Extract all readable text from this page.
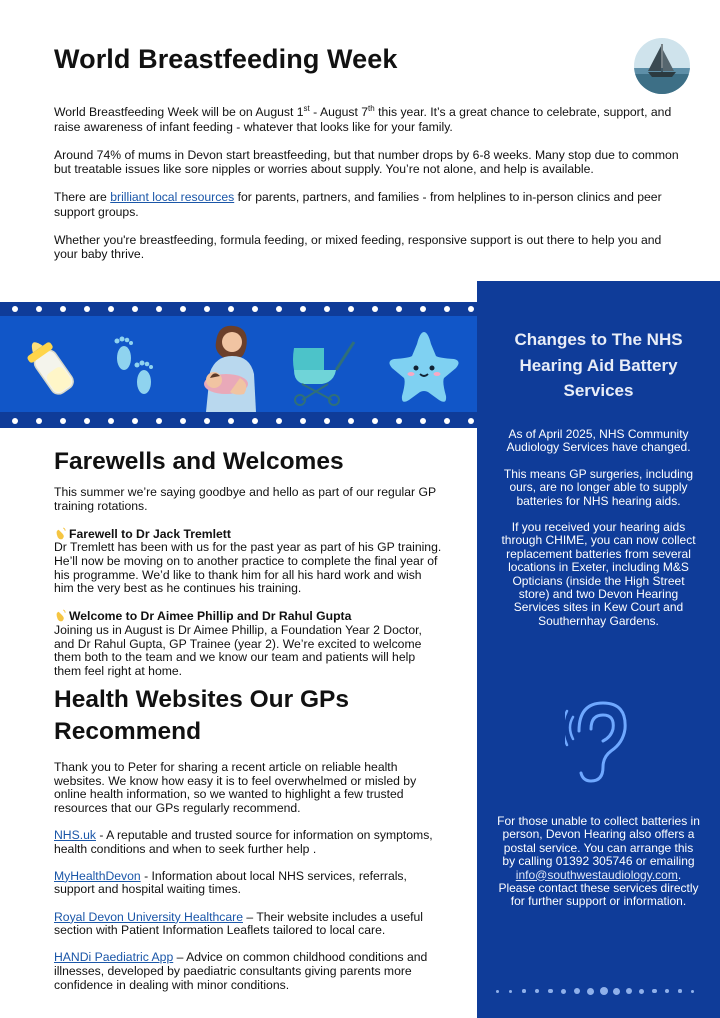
World Breastfeeding Week

World Breastfeeding Week will be on August 1st - August 7th this year. It’s a great chance to celebrate, support, and raise awareness of infant feeding - whatever that looks like for your family.

Around 74% of mums in Devon start breastfeeding, but that number drops by 6-8 weeks. Many stop due to common but treatable issues like sore nipples or worries about supply. You’re not alone, and help is available.

There are brilliant local resources for parents, partners, and families - from helplines to in-person clinics and peer support groups.

Whether you're breastfeeding, formula feeding, or mixed feeding, responsive support is out there to help you and your baby thrive.

Changes to The NHS Hearing Aid Battery Services

As of April 2025, NHS Community Audiology Services have changed.

This means GP surgeries, including ours, are no longer able to supply batteries for NHS hearing aids.

If you received your hearing aids through CHIME, you can now collect replacement batteries from several locations in Exeter, including M&S Opticians (inside the High Street store) and two Devon Hearing Services sites in Kew Court and Southernhay Gardens.

For those unable to collect batteries in person, Devon Hearing also offers a postal service. You can arrange this by calling 01392 305746 or emailing info@southwestaudiology.com. Please contact these services directly for further support or information.

Farewells and Welcomes

This summer we’re saying goodbye and hello as part of our regular GP training rotations.

Farewell to Dr Jack Tremlett
Dr Tremlett has been with us for the past year as part of his GP training. He’ll now be moving on to another practice to complete the final year of his programme. We’d like to thank him for all his hard work and wish him the very best as he continues his training.

Welcome to Dr Aimee Phillip and Dr Rahul Gupta
Joining us in August is Dr Aimee Phillip, a Foundation Year 2 Doctor, and Dr Rahul Gupta, GP Trainee (year 2). We’re excited to welcome them both to the team and we know our team and patients will help them feel right at home.

Health Websites Our GPs Recommend

Thank you to Peter for sharing a recent article on reliable health websites. We know how easy it is to feel overwhelmed or misled by online health information, so we wanted to highlight a few trusted resources that our GPs regularly recommend.

NHS.uk - A reputable and trusted source for information on symptoms, health conditions and when to seek further help .

MyHealthDevon - Information about local NHS services, referrals, support and hospital waiting times.

Royal Devon University Healthcare – Their website includes a useful section with Patient Information Leaflets tailored to local care.

HANDi Paediatric App – Advice on common childhood conditions and illnesses, developed by paediatric consultants giving parents more confidence in dealing with minor conditions.
